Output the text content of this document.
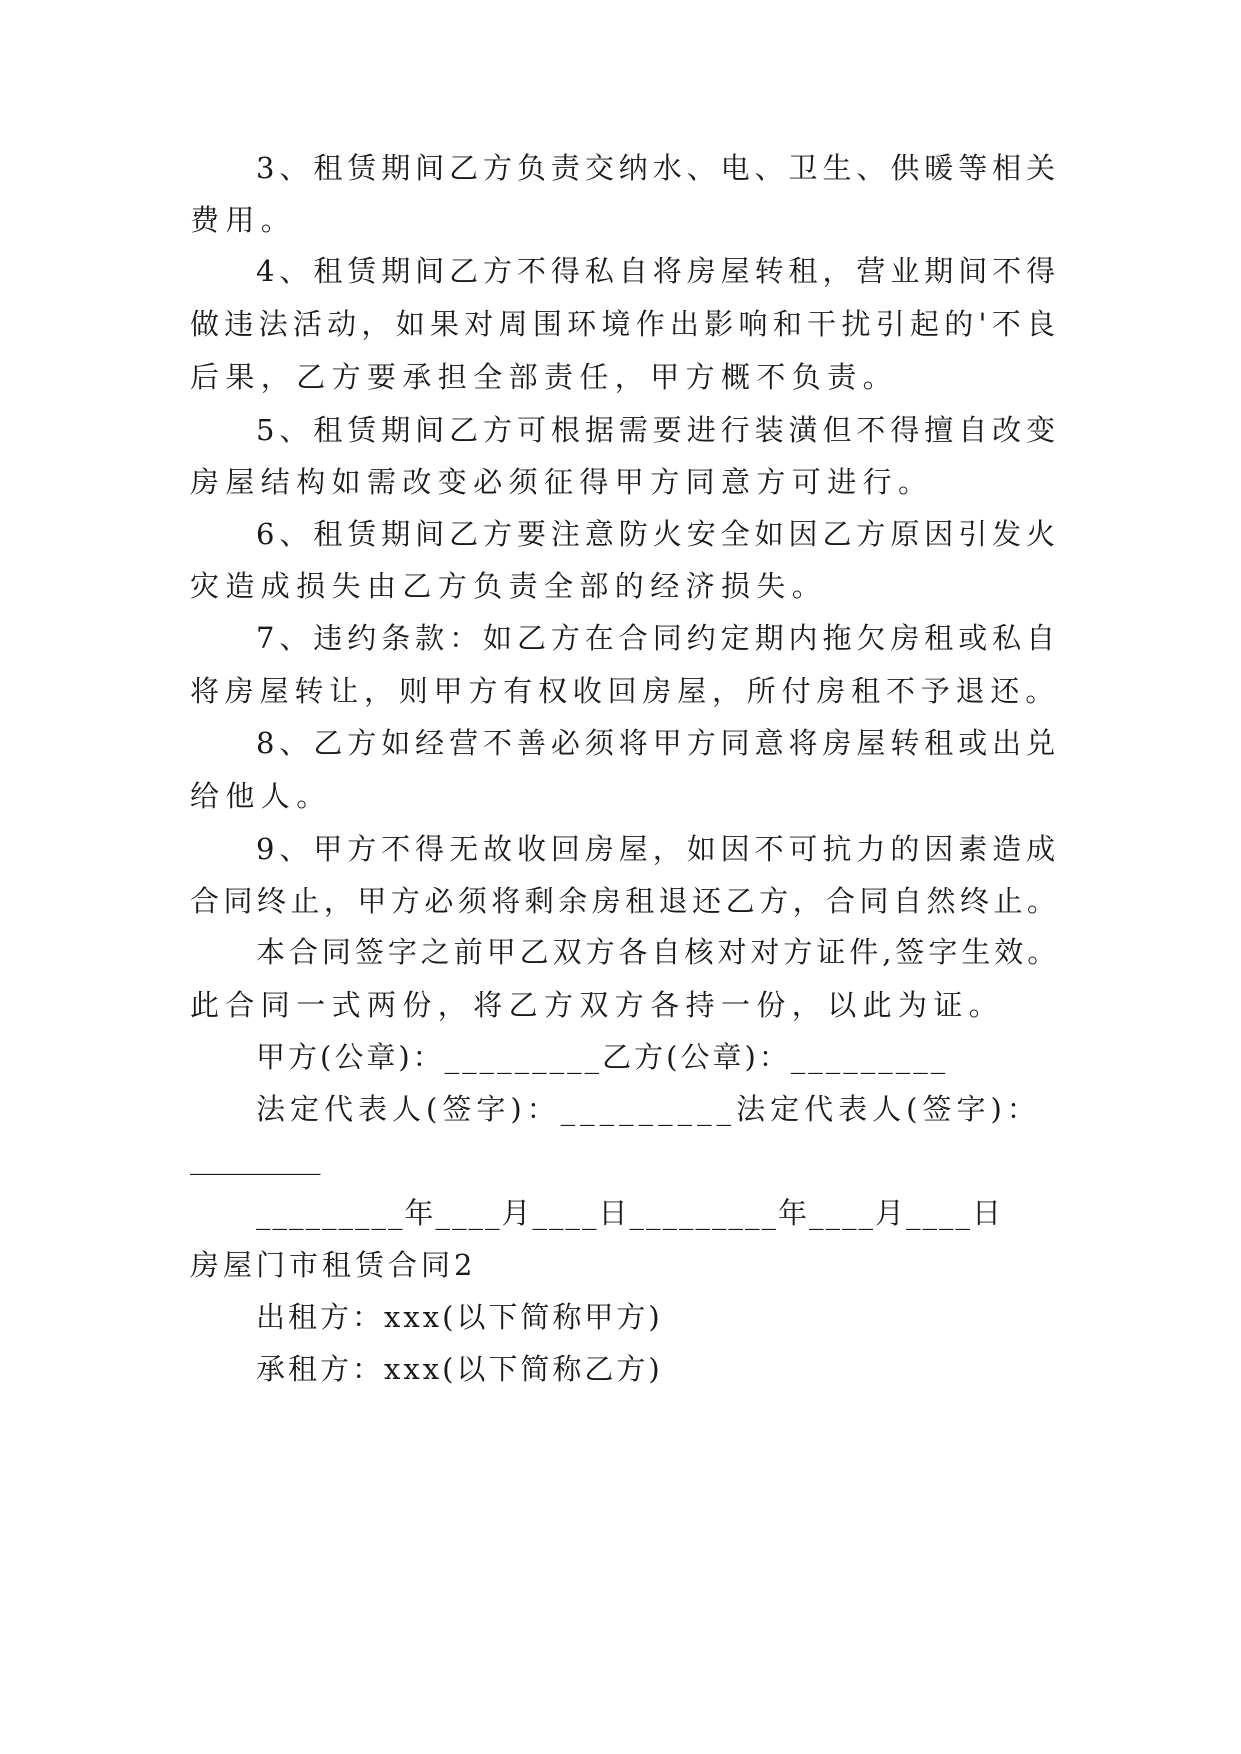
3、租赁期间乙方负责交纳水、电、卫生、供暖等相关
费用。
4、租赁期间乙方不得私自将房屋转租，营业期间不得
做违法活动，如果对周围环境作出影响和干扰引起的'不良
后果，乙方要承担全部责任，甲方概不负责。
5、租赁期间乙方可根据需要进行装潢但不得擅自改变
房屋结构如需改变必须征得甲方同意方可进行。
6、租赁期间乙方要注意防火安全如因乙方原因引发火
灾造成损失由乙方负责全部的经济损失。
7、违约条款：如乙方在合同约定期内拖欠房租或私自
将房屋转让，则甲方有权收回房屋，所付房租不予退还。
8、乙方如经营不善必须将甲方同意将房屋转租或出兑
给他人。
9、甲方不得无故收回房屋，如因不可抗力的因素造成
合同终止，甲方必须将剩余房租退还乙方，合同自然终止。
本合同签字之前甲乙双方各自核对对方证件,签字生效。
此合同一式两份，将乙方双方各持一份，以此为证。
甲方(公章)：_________乙方(公章)：_________
法定代表人(签字)：_________法定代表人(签字)：
_________
_________年____月____日_________年____月____日
房屋门市租赁合同2
出租方：xxx(以下简称甲方)
承租方：xxx(以下简称乙方)
